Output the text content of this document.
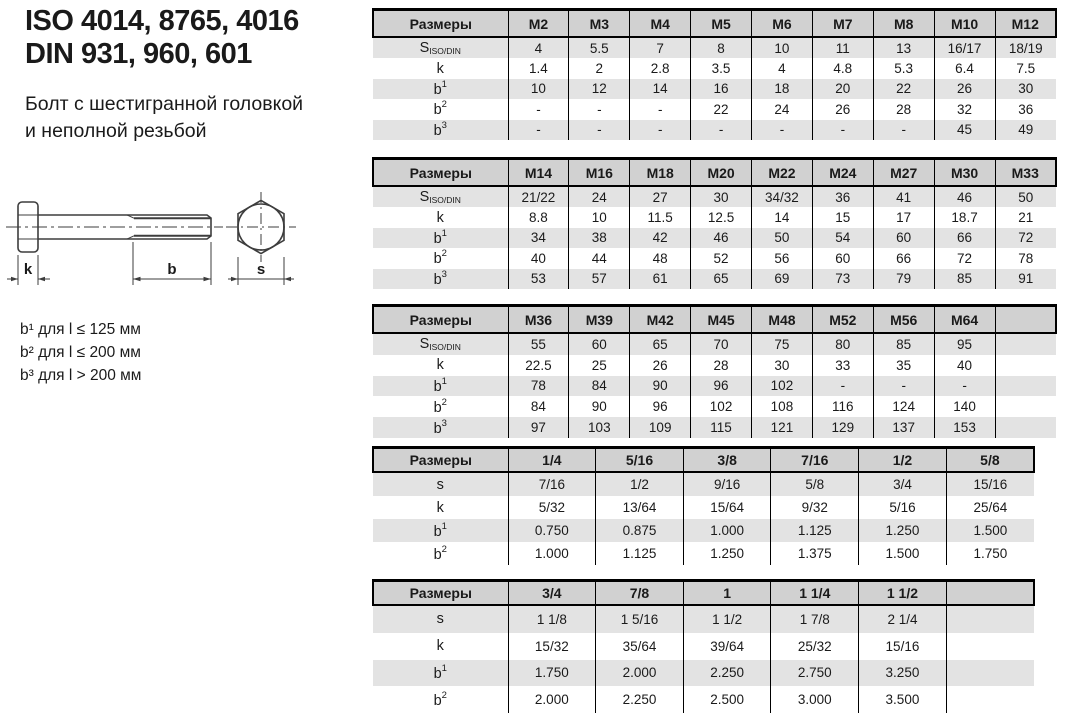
ISO 4014, 8765, 4016
DIN 931, 960, 601
Болт с шестигранной головкой
и неполной резьбой
k	b	s
b¹ для l ≤ 125 мм
b² для l ≤ 200 мм
b³ для l > 200 мм
Размеры	M2	M3	M4	M5	M6	M7	M8	M10	M12
SISO/DIN	4	5.5	7	8	10	11	13	16/17	18/19
k	1.4	2	2.8	3.5	4	4.8	5.3	6.4	7.5
$b^1$	10	12	14	16	18	20	22	26	30
$b^2$	-	-	-	22	24	26	28	32	36
$b^3$	-	-	-	-	-	-	-	45	49
Размеры	M14	M16	M18	M20	M22	M24	M27	M30	M33
SISO/DIN	21/22	24	27	30	34/32	36	41	46	50
k	8.8	10	11.5	12.5	14	15	17	18.7	21
$b^1$	34	38	42	46	50	54	60	66	72
$b^2$	40	44	48	52	56	60	66	72	78
$b^3$	53	57	61	65	69	73	79	85	91
Размеры	M36	M39	M42	M45	M48	M52	M56	M64	
SISO/DIN	55	60	65	70	75	80	85	95	
k	22.5	25	26	28	30	33	35	40	
$b^1$	78	84	90	96	102	-	-	-	
$b^2$	84	90	96	102	108	116	124	140	
$b^3$	97	103	109	115	121	129	137	153	
Размеры	1/4	5/16	3/8	7/16	1/2	5/8
s	7/16	1/2	9/16	5/8	3/4	15/16
k	5/32	13/64	15/64	9/32	5/16	25/64
$b^1$	0.750	0.875	1.000	1.125	1.250	1.500
$b^2$	1.000	1.125	1.250	1.375	1.500	1.750
Размеры	3/4	7/8	1	1 1/4	1 1/2	
s	1 1/8	1 5/16	1 1/2	1 7/8	2 1/4	
k	15/32	35/64	39/64	25/32	15/16	
$b^1$	1.750	2.000	2.250	2.750	3.250	
$b^2$	2.000	2.250	2.500	3.000	3.500	
